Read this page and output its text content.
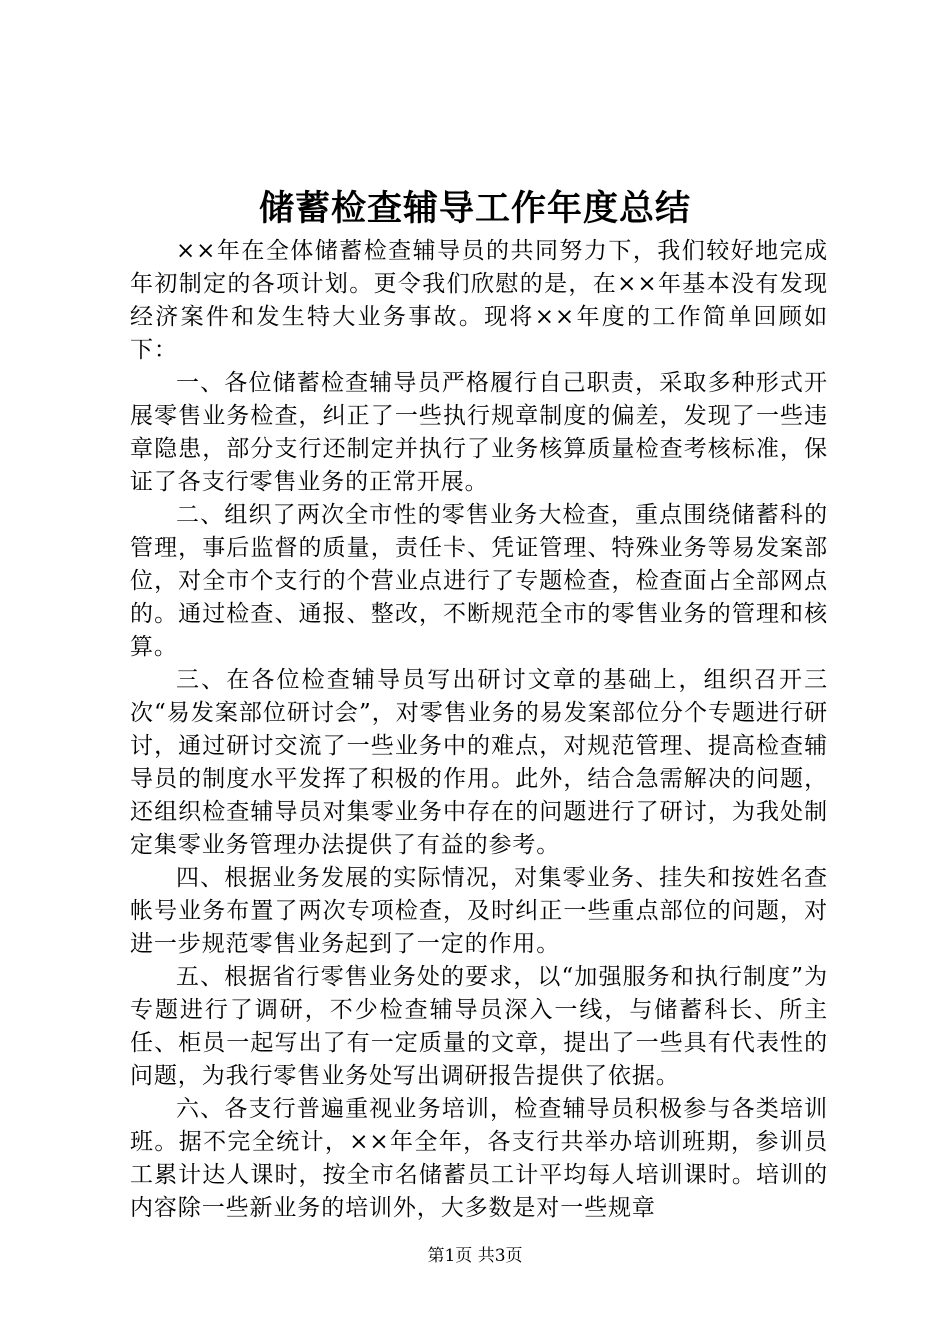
储蓄检查辅导工作年度总结

××年在全体储蓄检查辅导员的共同努力下，我们较好地完成年初制定的各项计划。更令我们欣慰的是，在××年基本没有发现经济案件和发生特大业务事故。现将××年度的工作简单回顾如下：

一、各位储蓄检查辅导员严格履行自己职责，采取多种形式开展零售业务检查，纠正了一些执行规章制度的偏差，发现了一些违章隐患，部分支行还制定并执行了业务核算质量检查考核标准，保证了各支行零售业务的正常开展。

二、组织了两次全市性的零售业务大检查，重点围绕储蓄科的管理，事后监督的质量，责任卡、凭证管理、特殊业务等易发案部位，对全市个支行的个营业点进行了专题检查，检查面占全部网点的。通过检查、通报、整改，不断规范全市的零售业务的管理和核算。

三、在各位检查辅导员写出研讨文章的基础上，组织召开三次“易发案部位研讨会”，对零售业务的易发案部位分个专题进行研讨，通过研讨交流了一些业务中的难点，对规范管理、提高检查辅导员的制度水平发挥了积极的作用。此外，结合急需解决的问题，还组织检查辅导员对集零业务中存在的问题进行了研讨，为我处制定集零业务管理办法提供了有益的参考。

四、根据业务发展的实际情况，对集零业务、挂失和按姓名查帐号业务布置了两次专项检查，及时纠正一些重点部位的问题，对进一步规范零售业务起到了一定的作用。

五、根据省行零售业务处的要求，以“加强服务和执行制度”为专题进行了调研，不少检查辅导员深入一线，与储蓄科长、所主任、柜员一起写出了有一定质量的文章，提出了一些具有代表性的问题，为我行零售业务处写出调研报告提供了依据。

六、各支行普遍重视业务培训，检查辅导员积极参与各类培训班。据不完全统计，××年全年，各支行共举办培训班期，参训员工累计达人课时，按全市名储蓄员工计平均每人培训课时。培训的内容除一些新业务的培训外，大多数是对一些规章

第1页 共3页
